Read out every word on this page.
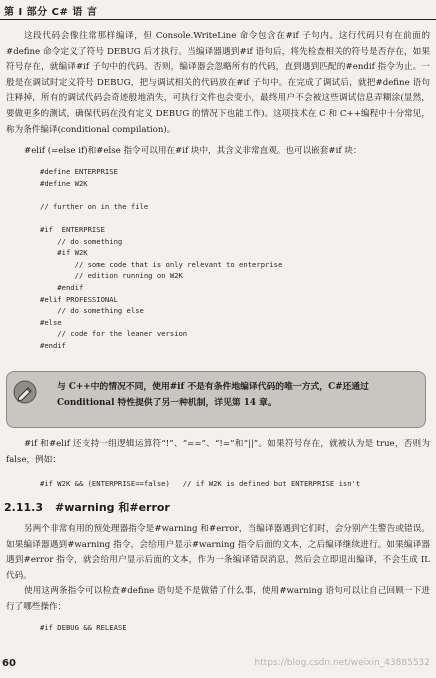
第 I 部分 C# 语 言
这段代码会像往常那样编译，但 Console.WriteLine 命令包含在#if 子句内。这行代码只有在前面的#define 命令定义了符号 DEBUG 后才执行。当编译器遇到#if 语句后，将先检查相关的符号是否存在，如果符号存在，就编译#if 子句中的代码。否则，编译器会忽略所有的代码，直到遇到匹配的#endif 指令为止。一般是在调试时定义符号 DEBUG，把与调试相关的代码放在#if 子句中。在完成了调试后，就把#define 语句注释掉，所有的调试代码会奇迹般地消失，可执行文件也会变小，最终用户不会被这些调试信息弄糊涂(显然，要做更多的测试，确保代码在没有定义 DEBUG 的情况下也能工作)。这项技术在 C 和 C++编程中十分常见，称为条件编译(conditional compilation)。
#elif (=else if)和#else 指令可以用在#if 块中，其含义非常直观。也可以嵌套#if 块：
#define ENTERPRISE
#define W2K

// further on in the file

#if  ENTERPRISE
// do something
#if W2K
// some code that is only relevant to enterprise
// edition running on W2K
#endif
#elif PROFESSIONAL
// do something else
#else
// code for the leaner version
#endif
与 C++中的情况不同，使用#if 不是有条件地编译代码的唯一方式，C#还通过 Conditional 特性提供了另一种机制，详见第 14 章。
#if 和#elif 还支持一组逻辑运算符“!”、“==”、“!=”和“||”。如果符号存在，就被认为是 true，否则为 false，例如：
#if W2K && (ENTERPRISE==false)   // if W2K is defined but ENTERPRISE isn't
2.11.3 #warning 和#error
另两个非常有用的预处理器指令是#warning 和#error，当编译器遇到它们时，会分别产生警告或错误。如果编译器遇到#warning 指令，会给用户显示#warning 指令后面的文本，之后编译继续进行。如果编译器遇到#error 指令，就会给用户显示后面的文本，作为一条编译错误消息，然后会立即退出编译，不会生成 IL 代码。
使用这两条指令可以检查#define 语句是不是做错了什么事，使用#warning 语句可以让自己回顾一下进行了哪些操作：
#if DEBUG && RELEASE
60	https://blog.csdn.net/weixin_43885532
